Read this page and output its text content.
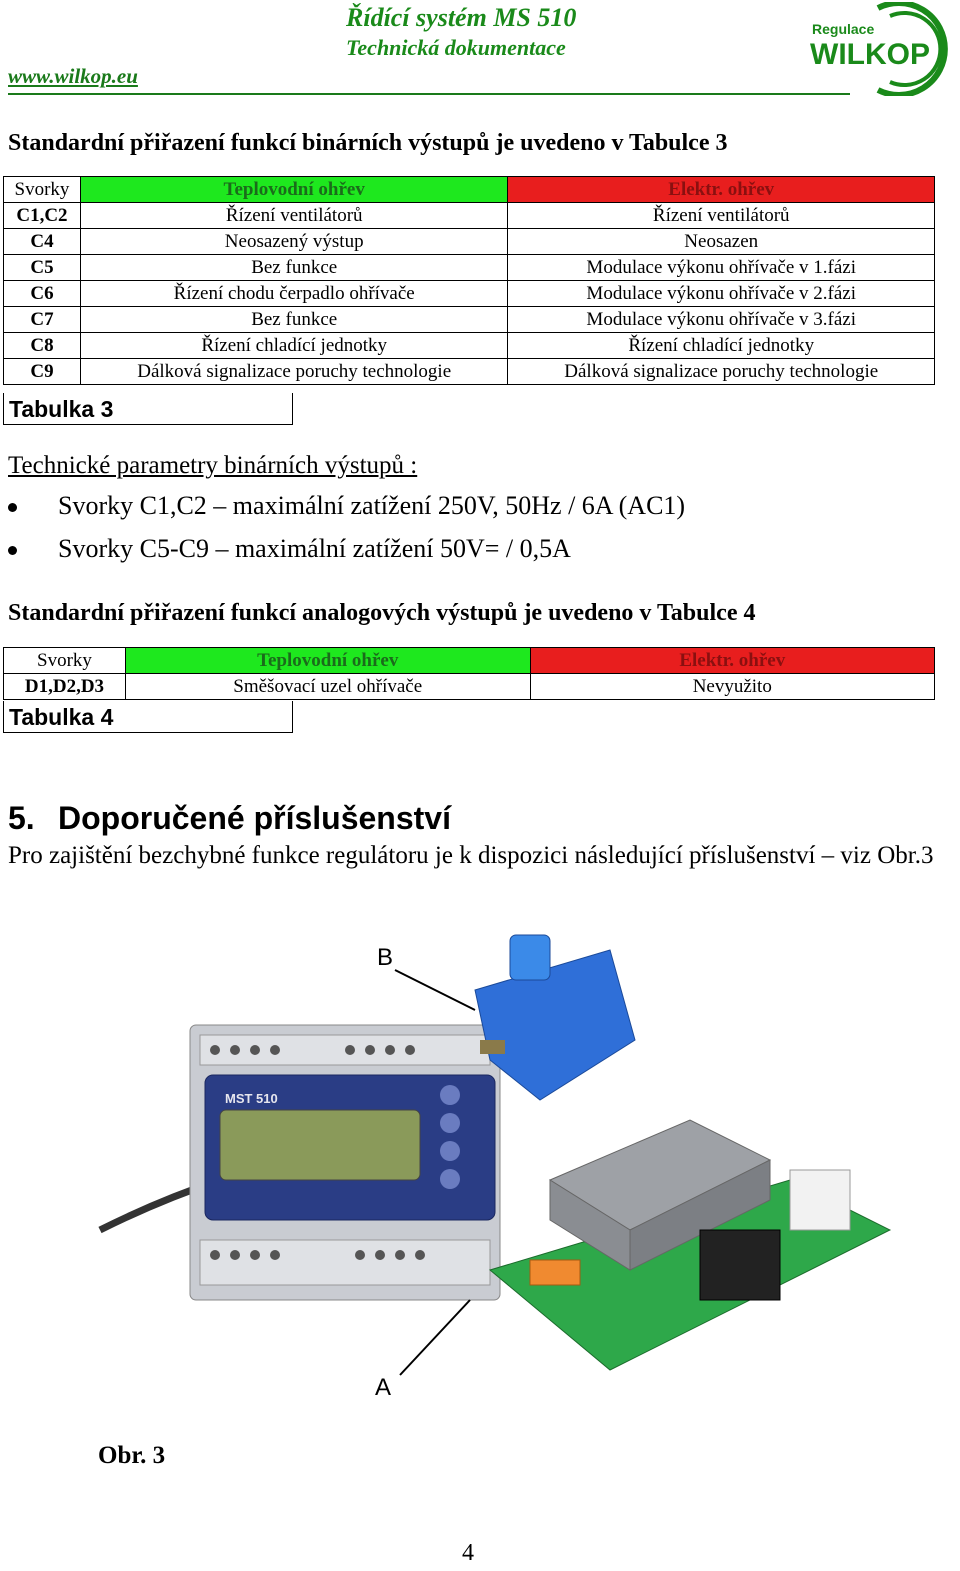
www.wilkop.eu
Řídící systém MS 510
Technická dokumentace
Regulace
WILKOP
Standardní přiřazení funkcí binárních výstupů je uvedeno v Tabulce 3
Svorky	Teplovodní ohřev	Elektr. ohřev
C1,C2	Řízení ventilátorů	Řízení ventilátorů
C4	Neosazený výstup	Neosazen
C5	Bez funkce	Modulace výkonu ohřívače v 1.fázi
C6	Řízení chodu čerpadlo ohřívače	Modulace výkonu ohřívače v 2.fázi
C7	Bez funkce	Modulace výkonu ohřívače v 3.fázi
C8	Řízení chladící jednotky	Řízení chladící jednotky
C9	Dálková signalizace poruchy technologie	Dálková signalizace poruchy technologie
Tabulka 3
Technické parametry binárních výstupů :
Svorky C1,C2 – maximální zatížení 250V, 50Hz / 6A (AC1)
Svorky C5-C9 – maximální zatížení 50V= / 0,5A
Standardní přiřazení funkcí analogových výstupů je uvedeno v Tabulce 4
Svorky	Teplovodní ohřev	Elektr. ohřev
D1,D2,D3	Směšovací uzel ohřívače	Nevyužito
Tabulka 4
5. Doporučené příslušenství
Pro zajištění bezchybné funkce regulátoru je k dispozici následující příslušenství – viz Obr.3
MST 510
B
A
Obr. 3
4
